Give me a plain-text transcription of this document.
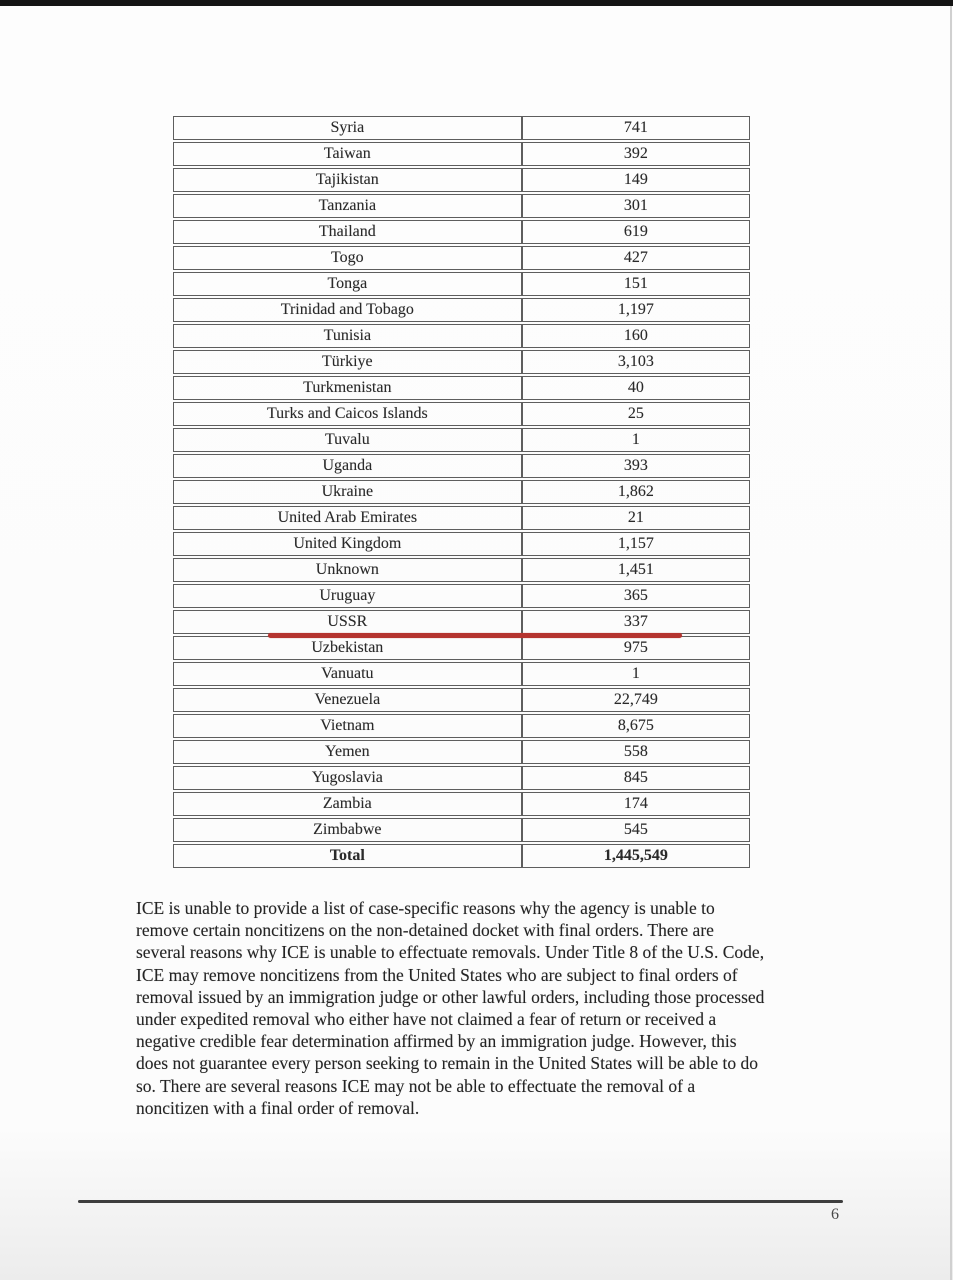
Syria	741
Taiwan	392
Tajikistan	149
Tanzania	301
Thailand	619
Togo	427
Tonga	151
Trinidad and Tobago	1,197
Tunisia	160
Türkiye	3,103
Turkmenistan	40
Turks and Caicos Islands	25
Tuvalu	1
Uganda	393
Ukraine	1,862
United Arab Emirates	21
United Kingdom	1,157
Unknown	1,451
Uruguay	365
USSR	337
Uzbekistan	975
Vanuatu	1
Venezuela	22,749
Vietnam	8,675
Yemen	558
Yugoslavia	845
Zambia	174
Zimbabwe	545
Total	1,445,549
ICE is unable to provide a list of case-specific reasons why the agency is unable to
remove certain noncitizens on the non-detained docket with final orders. There are
several reasons why ICE is unable to effectuate removals. Under Title 8 of the U.S. Code,
ICE may remove noncitizens from the United States who are subject to final orders of
removal issued by an immigration judge or other lawful orders, including those processed
under expedited removal who either have not claimed a fear of return or received a
negative credible fear determination affirmed by an immigration judge. However, this
does not guarantee every person seeking to remain in the United States will be able to do
so. There are several reasons ICE may not be able to effectuate the removal of a
noncitizen with a final order of removal.
6
